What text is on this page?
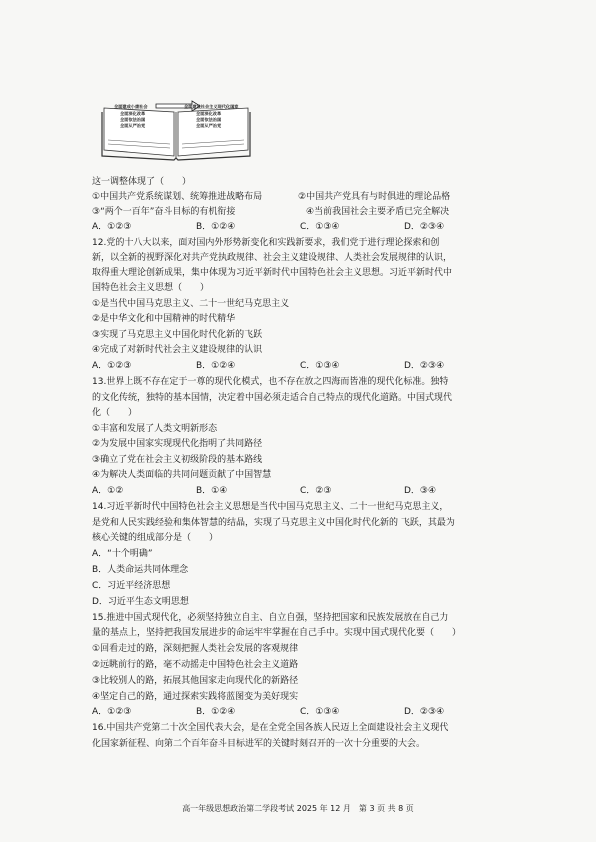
全面建成小康社会
全面深化改革
全面依法治国
全面从严治党
全面建设社会主义现代化国家
全面深化改革
全面依法治国
全面从严治党
这一调整体现了（　　）
①中国共产党系统谋划、统筹推进战略布局	②中国共产党具有与时俱进的理论品格
③“两个一百年”奋斗目标的有机衔接	④当前我国社会主要矛盾已完全解决
A．①②③	B．①②④	C．①③④	D．②③④
12.党的十八大以来，面对国内外形势新变化和实践新要求，我们党于进行理论探索和创
新，以全新的视野深化对共产党执政规律、社会主义建设规律、人类社会发展规律的认识，
取得重大理论创新成果，集中体现为习近平新时代中国特色社会主义思想。习近平新时代中
国特色社会主义思想（　　）
①是当代中国马克思主义、二十一世纪马克思主义
②是中华文化和中国精神的时代精华
③实现了马克思主义中国化时代化新的飞跃
④完成了对新时代社会主义建设规律的认识
A．①②③	B．①②④	C．①③④	D．②③④
13.世界上既不存在定于一尊的现代化模式，也不存在放之四海而皆准的现代化标准。独特
的文化传统，独特的基本国情，决定着中国必须走适合自己特点的现代化道路。中国式现代
化（　　）
①丰富和发展了人类文明新形态
②为发展中国家实现现代化指明了共同路径
③确立了党在社会主义初级阶段的基本路线
④为解决人类面临的共同问题贡献了中国智慧
A．①②	B．①④	C．②③	D．③④
14.习近平新时代中国特色社会主义思想是当代中国马克思主义、二十一世纪马克思主义，
是党和人民实践经验和集体智慧的结晶，实现了马克思主义中国化时代化新的 飞跃，其最为
核心关键的组成部分是（　　）
A．“十个明确”
B．人类命运共同体理念
C．习近平经济思想
D．习近平生态文明思想
15.推进中国式现代化，必须坚持独立自主、自立自强，坚持把国家和民族发展放在自己力
量的基点上，坚持把我国发展进步的命运牢牢掌握在自己手中。实现中国式现代化要（　　）
①回看走过的路，深刻把握人类社会发展的客观规律
②远眺前行的路，毫不动摇走中国特色社会主义道路
③比较别人的路，拓展其他国家走向现代化的新路径
④坚定自己的路，通过探索实践将蓝图变为美好现实
A．①②③	B．①②④	C．①③④	D．②③④
16.中国共产党第二十次全国代表大会，是在全党全国各族人民迈上全面建设社会主义现代
化国家新征程、向第二个百年奋斗目标进军的关键时刻召开的一次十分重要的大会。
高一年级思想政治第二学段考试 2025 年 12 月　第 3 页 共 8 页
